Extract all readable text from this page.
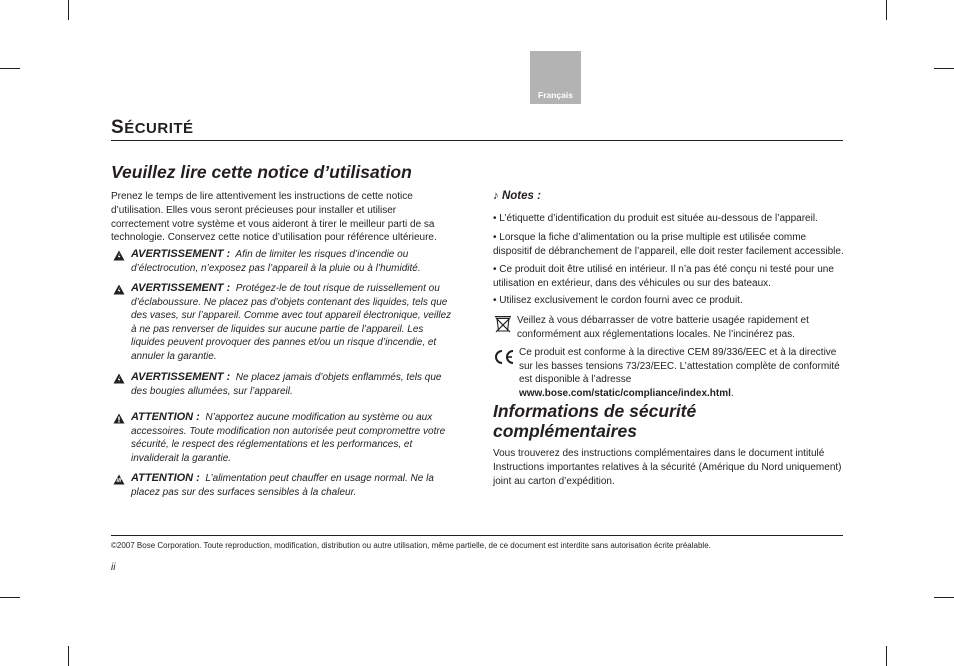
Français
SÉCURITÉ
Veuillez lire cette notice d’utilisation
Prenez le temps de lire attentivement les instructions de cette notice d’utilisation. Elles vous seront précieuses pour installer et utiliser correctement votre système et vous aideront à tirer le meilleur parti de sa technologie. Conservez cette notice d’utilisation pour référence ultérieure.
AVERTISSEMENT : Afin de limiter les risques d’incendie ou d’électrocution, n’exposez pas l’appareil à la pluie ou à l’humidité.
AVERTISSEMENT : Protégez-le de tout risque de ruissellement ou d’éclaboussure. Ne placez pas d’objets contenant des liquides, tels que des vases, sur l’appareil. Comme avec tout appareil électronique, veillez à ne pas renverser de liquides sur aucune partie de l’appareil. Les liquides peuvent provoquer des pannes et/ou un risque d’incendie, et annuler la garantie.
AVERTISSEMENT : Ne placez jamais d’objets enflammés, tels que des bougies allumées, sur l’appareil.
ATTENTION : N’apportez aucune modification au système ou aux accessoires. Toute modification non autorisée peut compromettre votre sécurité, le respect des réglementations et les performances, et invaliderait la garantie.
ATTENTION : L’alimentation peut chauffer en usage normal. Ne la placez pas sur des surfaces sensibles à la chaleur.
♪ Notes :
• L’étiquette d’identification du produit est située au-dessous de l’appareil.
• Lorsque la fiche d’alimentation ou la prise multiple est utilisée comme dispositif de débranchement de l’appareil, elle doit rester facilement accessible.
• Ce produit doit être utilisé en intérieur. Il n’a pas été conçu ni testé pour une utilisation en extérieur, dans des véhicules ou sur des bateaux.
• Utilisez exclusivement le cordon fourni avec ce produit.
Veillez à vous débarrasser de votre batterie usagée rapidement et conformément aux réglementations locales. Ne l’incinérez pas.
Ce produit est conforme à la directive CEM 89/336/EEC et à la directive sur les basses tensions 73/23/EEC. L’attestation complète de conformité est disponible à l’adresse www.bose.com/static/compliance/index.html.
Informations de sécurité complémentaires
Vous trouverez des instructions complémentaires dans le document intitulé Instructions importantes relatives à la sécurité (Amérique du Nord uniquement) joint au carton d’expédition.
©2007 Bose Corporation. Toute reproduction, modification, distribution ou autre utilisation, même partielle, de ce document est interdite sans autorisation écrite préalable.
ii
